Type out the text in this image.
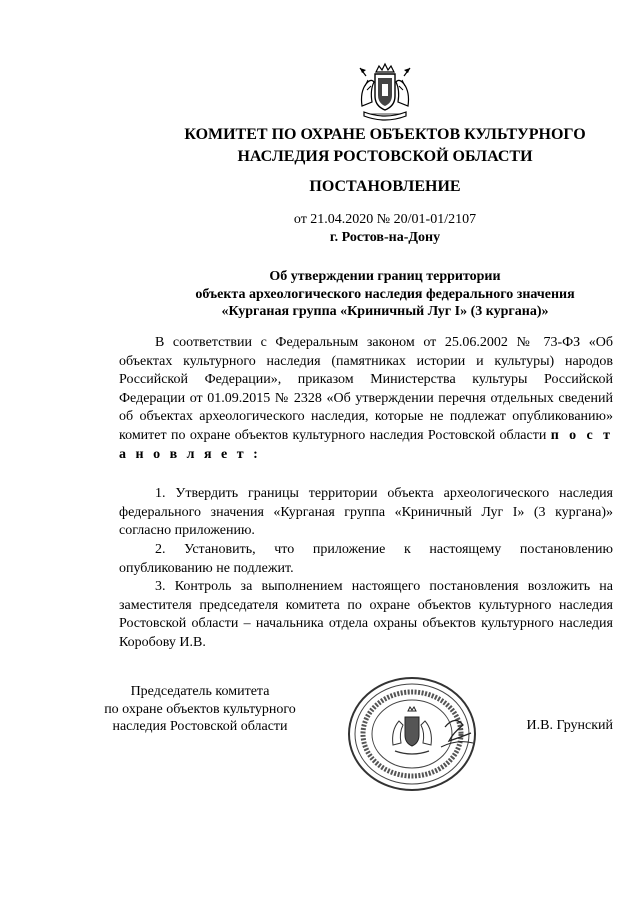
КОМИТЕТ ПО ОХРАНЕ ОБЪЕКТОВ КУЛЬТУРНОГО
НАСЛЕДИЯ РОСТОВСКОЙ ОБЛАСТИ
ПОСТАНОВЛЕНИЕ
от 21.04.2020 № 20/01-01/2107
г. Ростов-на-Дону
Об утверждении границ территории
объекта археологического наследия федерального значения
«Курганая группа «Криничный Луг I» (3 кургана)»

В соответствии с Федеральным законом от 25.06.2002 № 73-ФЗ «Об объектах культурного наследия (памятниках истории и культуры) народов Российской Федерации», приказом Министерства культуры Российской Федерации от 01.09.2015 № 2328 «Об утверждении перечня отдельных сведений об объектах археологического наследия, которые не подлежат опубликованию» комитет по охране объектов культурного наследия Ростовской области п о с т а н о в л я е т :

1. Утвердить границы территории объекта археологического наследия федерального значения «Курганая группа «Криничный Луг I» (3 кургана)» согласно приложению.

2. Установить, что приложение к настоящему постановлению опубликованию не подлежит.

3. Контроль за выполнением настоящего постановления возложить на заместителя председателя комитета по охране объектов культурного наследия Ростовской области – начальника отдела охраны объектов культурного наследия Коробову И.В.

Председатель комитета
по охране объектов культурного
наследия Ростовской области	И.В. Грунский
